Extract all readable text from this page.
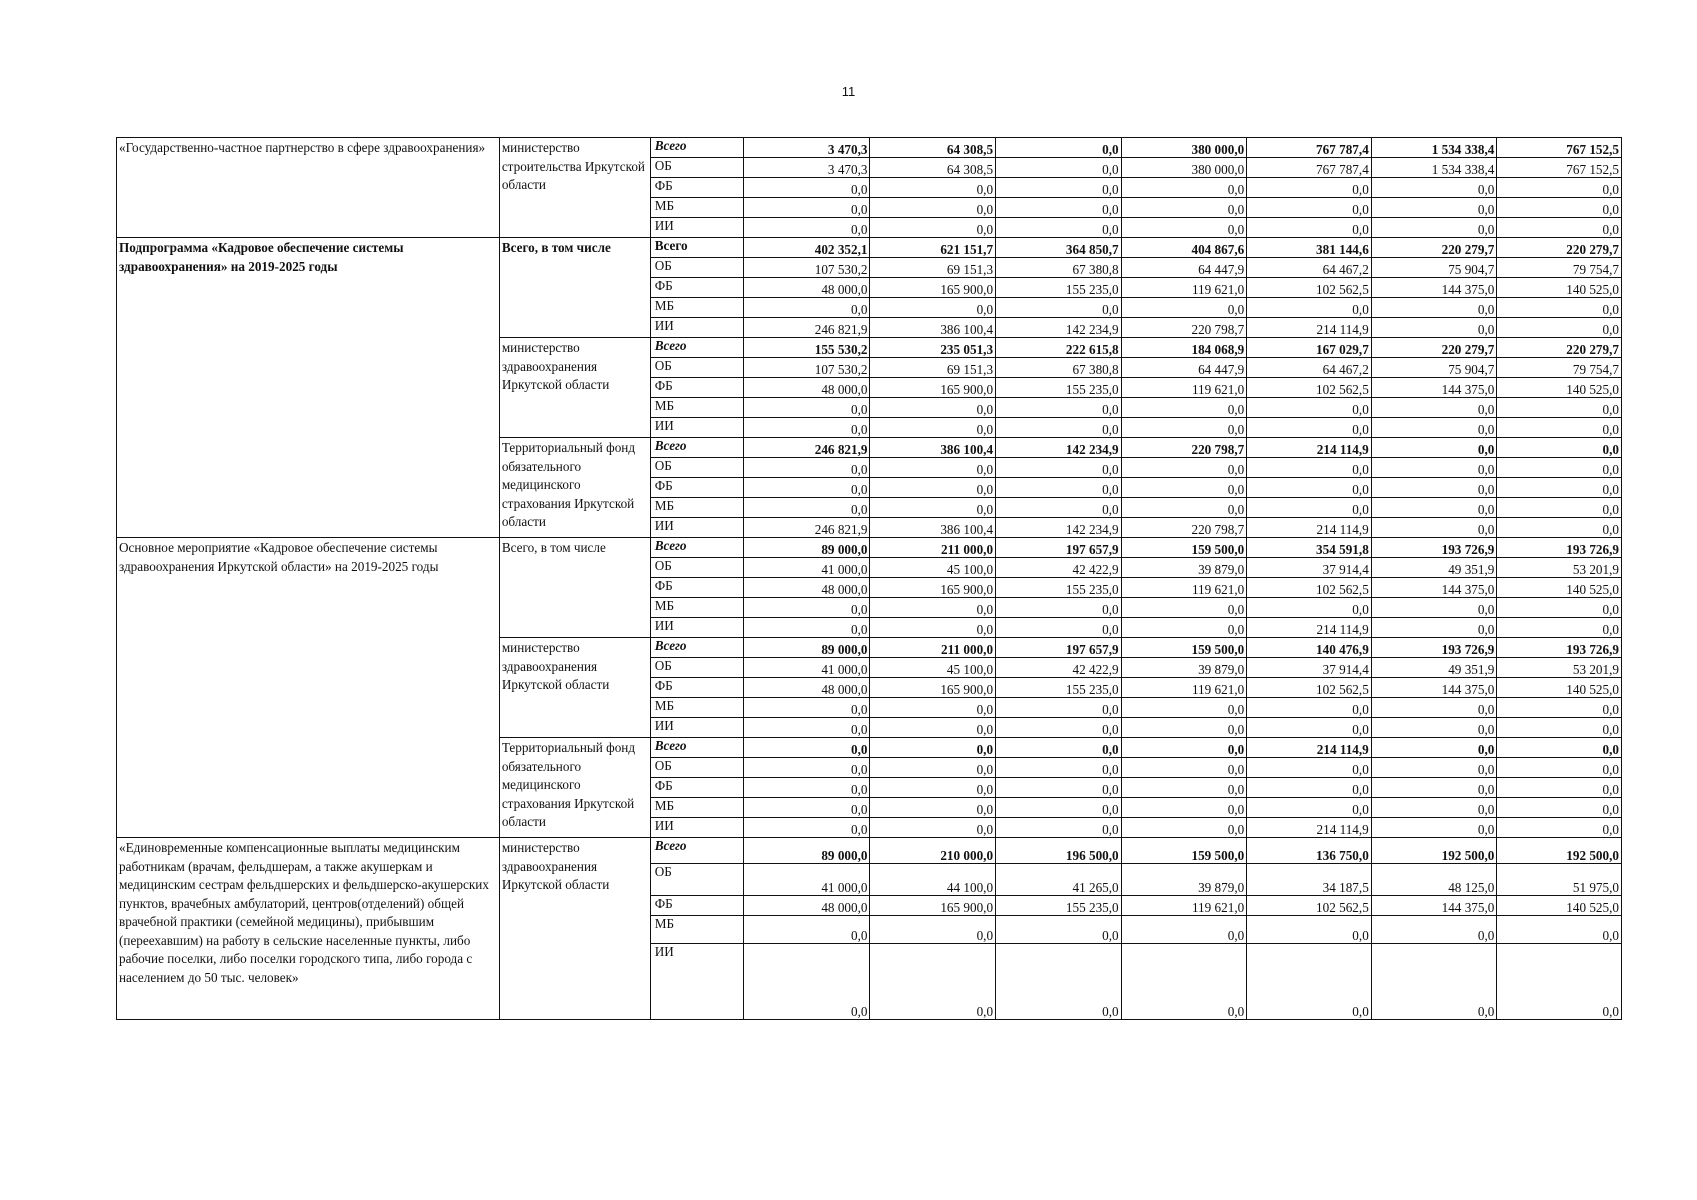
11
«Государственно-частное партнерство в сфере здравоохранения»	министерство строительства Иркутской области	Всего	3 470,3	64 308,5	0,0	380 000,0	767 787,4	1 534 338,4	767 152,5
		ОБ	3 470,3	64 308,5	0,0	380 000,0	767 787,4	1 534 338,4	767 152,5
		ФБ	0,0	0,0	0,0	0,0	0,0	0,0	0,0
		МБ	0,0	0,0	0,0	0,0	0,0	0,0	0,0
		ИИ	0,0	0,0	0,0	0,0	0,0	0,0	0,0
Подпрограмма «Кадровое обеспечение системы здравоохранения» на 2019-2025 годы	Всего, в том числе	Всего	402 352,1	621 151,7	364 850,7	404 867,6	381 144,6	220 279,7	220 279,7
		ОБ	107 530,2	69 151,3	67 380,8	64 447,9	64 467,2	75 904,7	79 754,7
		ФБ	48 000,0	165 900,0	155 235,0	119 621,0	102 562,5	144 375,0	140 525,0
		МБ	0,0	0,0	0,0	0,0	0,0	0,0	0,0
		ИИ	246 821,9	386 100,4	142 234,9	220 798,7	214 114,9	0,0	0,0
	министерство здравоохранения Иркутской области	Всего	155 530,2	235 051,3	222 615,8	184 068,9	167 029,7	220 279,7	220 279,7
		ОБ	107 530,2	69 151,3	67 380,8	64 447,9	64 467,2	75 904,7	79 754,7
		ФБ	48 000,0	165 900,0	155 235,0	119 621,0	102 562,5	144 375,0	140 525,0
		МБ	0,0	0,0	0,0	0,0	0,0	0,0	0,0
		ИИ	0,0	0,0	0,0	0,0	0,0	0,0	0,0
	Территориальный фонд обязательного медицинского страхования Иркутской области	Всего	246 821,9	386 100,4	142 234,9	220 798,7	214 114,9	0,0	0,0
		ОБ	0,0	0,0	0,0	0,0	0,0	0,0	0,0
		ФБ	0,0	0,0	0,0	0,0	0,0	0,0	0,0
		МБ	0,0	0,0	0,0	0,0	0,0	0,0	0,0
		ИИ	246 821,9	386 100,4	142 234,9	220 798,7	214 114,9	0,0	0,0
Основное мероприятие «Кадровое обеспечение системы здравоохранения Иркутской области» на 2019-2025 годы	Всего, в том числе	Всего	89 000,0	211 000,0	197 657,9	159 500,0	354 591,8	193 726,9	193 726,9
		ОБ	41 000,0	45 100,0	42 422,9	39 879,0	37 914,4	49 351,9	53 201,9
		ФБ	48 000,0	165 900,0	155 235,0	119 621,0	102 562,5	144 375,0	140 525,0
		МБ	0,0	0,0	0,0	0,0	0,0	0,0	0,0
		ИИ	0,0	0,0	0,0	0,0	214 114,9	0,0	0,0
	министерство здравоохранения Иркутской области	Всего	89 000,0	211 000,0	197 657,9	159 500,0	140 476,9	193 726,9	193 726,9
		ОБ	41 000,0	45 100,0	42 422,9	39 879,0	37 914,4	49 351,9	53 201,9
		ФБ	48 000,0	165 900,0	155 235,0	119 621,0	102 562,5	144 375,0	140 525,0
		МБ	0,0	0,0	0,0	0,0	0,0	0,0	0,0
		ИИ	0,0	0,0	0,0	0,0	0,0	0,0	0,0
	Территориальный фонд обязательного медицинского страхования Иркутской области	Всего	0,0	0,0	0,0	0,0	214 114,9	0,0	0,0
		ОБ	0,0	0,0	0,0	0,0	0,0	0,0	0,0
		ФБ	0,0	0,0	0,0	0,0	0,0	0,0	0,0
		МБ	0,0	0,0	0,0	0,0	0,0	0,0	0,0
		ИИ	0,0	0,0	0,0	0,0	214 114,9	0,0	0,0
«Единовременные компенсационные выплаты медицинским работникам (врачам, фельдшерам, а также акушеркам и медицинским сестрам фельдшерских и фельдшерско-акушерских пунктов, врачебных амбулаторий, центров(отделений) общей врачебной практики (семейной медицины), прибывшим (переехавшим) на работу в сельские населенные пункты, либо рабочие поселки, либо поселки городского типа, либо города с населением до 50 тыс. человек»	министерство здравоохранения Иркутской области	Всего	89 000,0	210 000,0	196 500,0	159 500,0	136 750,0	192 500,0	192 500,0
		ОБ	41 000,0	44 100,0	41 265,0	39 879,0	34 187,5	48 125,0	51 975,0
		ФБ	48 000,0	165 900,0	155 235,0	119 621,0	102 562,5	144 375,0	140 525,0
		МБ	0,0	0,0	0,0	0,0	0,0	0,0	0,0
		ИИ	0,0	0,0	0,0	0,0	0,0	0,0	0,0
